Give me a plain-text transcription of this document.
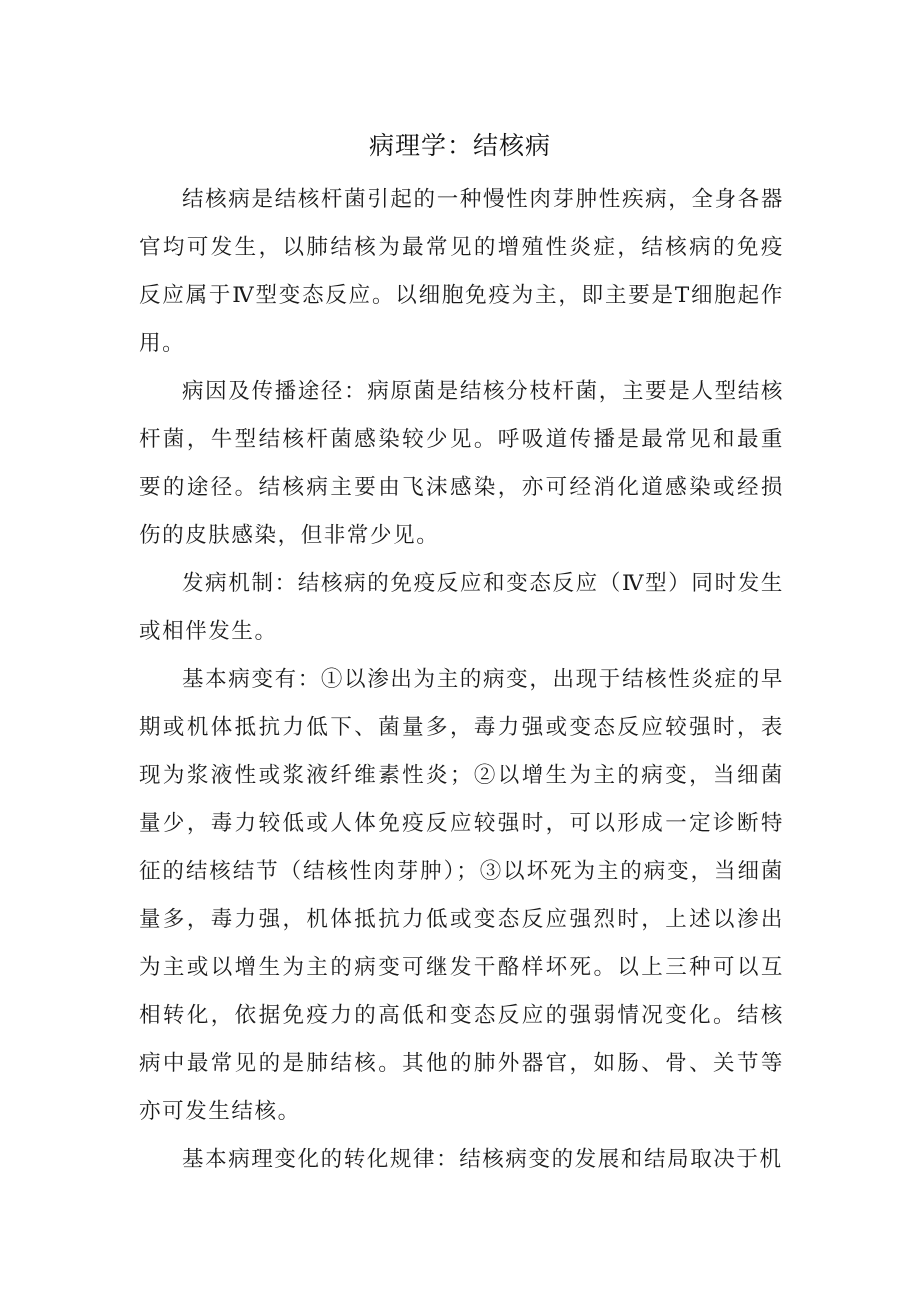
病理学：结核病

结核病是结核杆菌引起的一种慢性肉芽肿性疾病，全身各器官均可发生，以肺结核为最常见的增殖性炎症，结核病的免疫反应属于Ⅳ型变态反应。以细胞免疫为主，即主要是T细胞起作用。

病因及传播途径：病原菌是结核分枝杆菌，主要是人型结核杆菌，牛型结核杆菌感染较少见。呼吸道传播是最常见和最重要的途径。结核病主要由飞沫感染，亦可经消化道感染或经损伤的皮肤感染，但非常少见。

发病机制：结核病的免疫反应和变态反应（Ⅳ型）同时发生或相伴发生。

基本病变有：①以渗出为主的病变，出现于结核性炎症的早期或机体抵抗力低下、菌量多，毒力强或变态反应较强时，表现为浆液性或浆液纤维素性炎；②以增生为主的病变，当细菌量少，毒力较低或人体免疫反应较强时，可以形成一定诊断特征的结核结节（结核性肉芽肿）；③以坏死为主的病变，当细菌量多，毒力强，机体抵抗力低或变态反应强烈时，上述以渗出为主或以增生为主的病变可继发干酪样坏死。以上三种可以互相转化，依据免疫力的高低和变态反应的强弱情况变化。结核病中最常见的是肺结核。其他的肺外器官，如肠、骨、关节等亦可发生结核。

基本病理变化的转化规律：结核病变的发展和结局取决于机
